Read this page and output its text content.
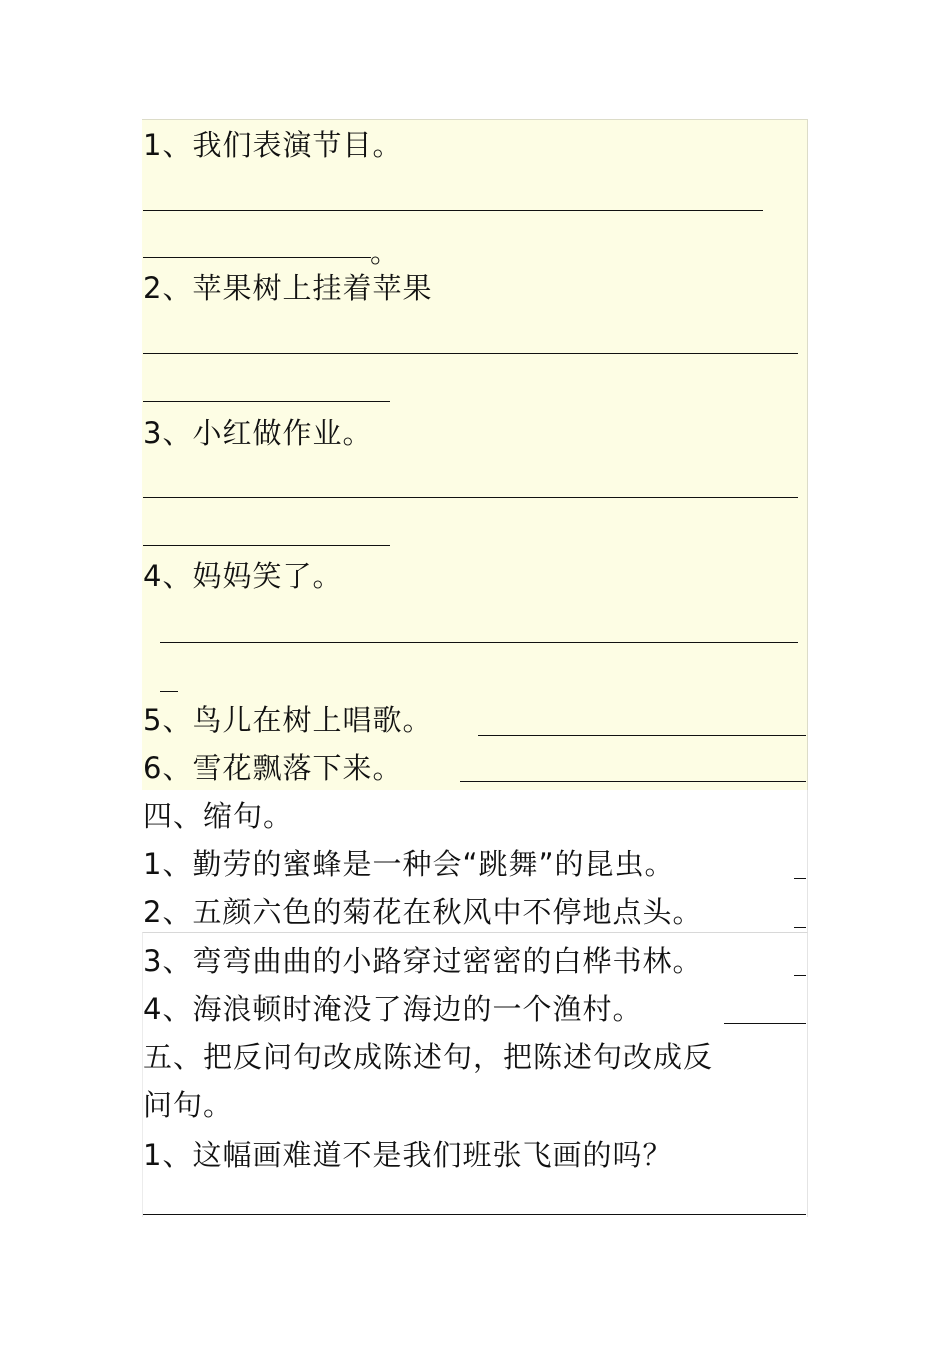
1、我们表演节目。
。
2、苹果树上挂着苹果
3、小红做作业。
4、妈妈笑了。
5、鸟儿在树上唱歌。
6、雪花飘落下来。
四、缩句。
1、勤劳的蜜蜂是一种会“跳舞”的昆虫。
2、五颜六色的菊花在秋风中不停地点头。
3、弯弯曲曲的小路穿过密密的白桦书林。
4、海浪顿时淹没了海边的一个渔村。
五、把反问句改成陈述句，把陈述句改成反
问句。
1、这幅画难道不是我们班张飞画的吗？
